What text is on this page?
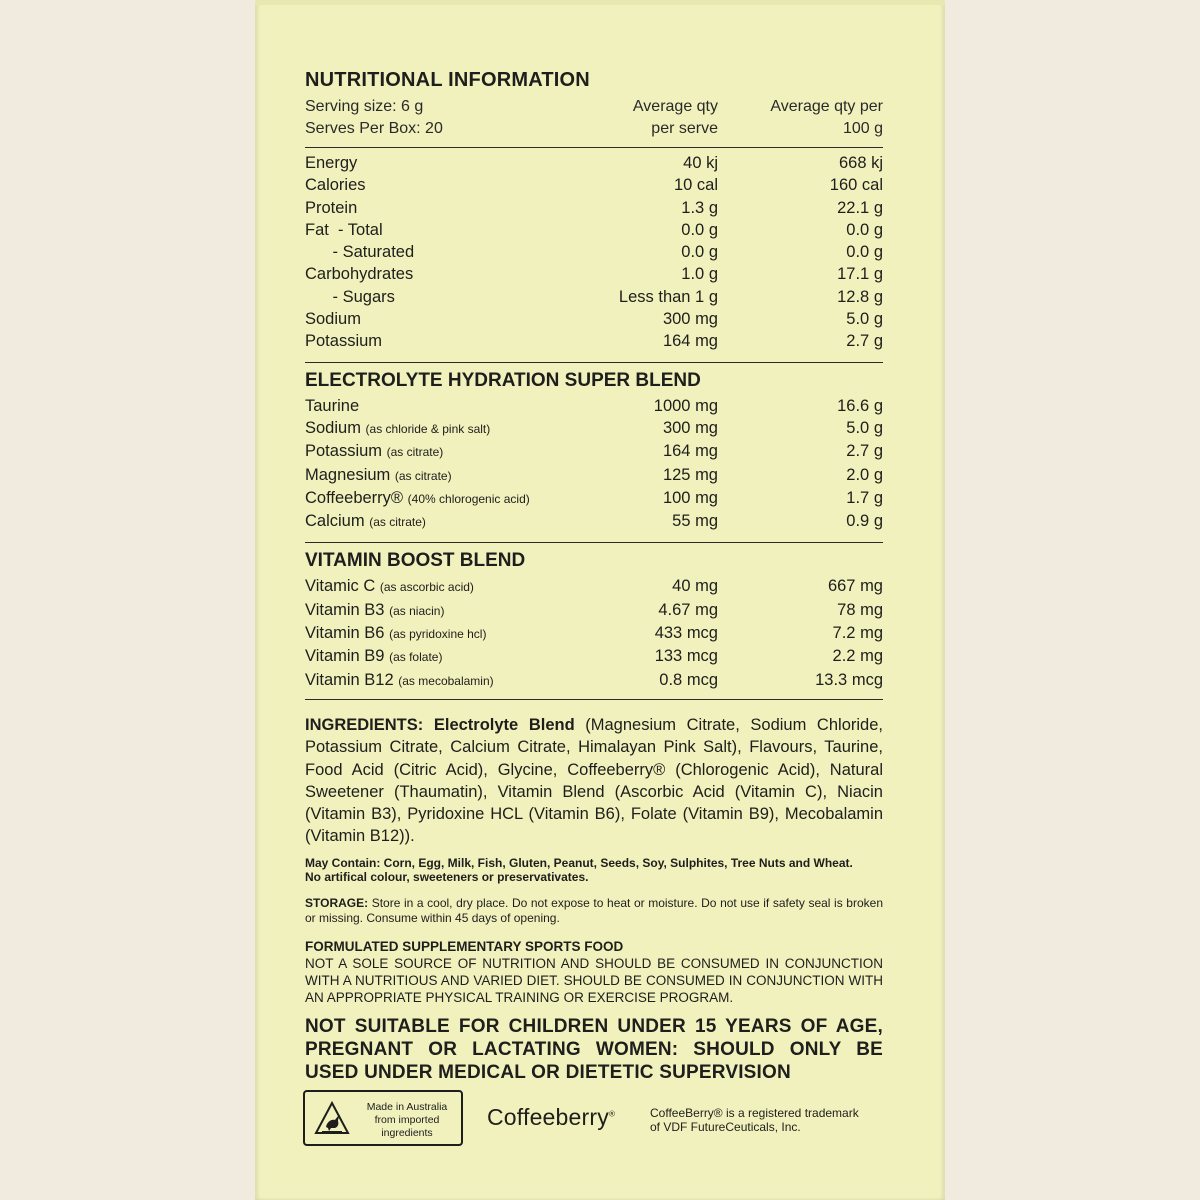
NUTRITIONAL INFORMATION
Serving size: 6 g	Average qty	Average qty per
Serves Per Box: 20	per serve	100 g
Energy	40 kj	668 kj
Calories	10 cal	160 cal
Protein	1.3 g	22.1 g
Fat  - Total	0.0 g	0.0 g
- Saturated	0.0 g	0.0 g
Carbohydrates	1.0 g	17.1 g
- Sugars	Less than 1 g	12.8 g
Sodium	300 mg	5.0 g
Potassium	164 mg	2.7 g
ELECTROLYTE HYDRATION SUPER BLEND
Taurine	1000 mg	16.6 g
Sodium (as chloride & pink salt)	300 mg	5.0 g
Potassium (as citrate)	164 mg	2.7 g
Magnesium (as citrate)	125 mg	2.0 g
Coffeeberry® (40% chlorogenic acid)	100 mg	1.7 g
Calcium (as citrate)	55 mg	0.9 g
VITAMIN BOOST BLEND
Vitamic C (as ascorbic acid)	40 mg	667 mg
Vitamin B3 (as niacin)	4.67 mg	78 mg
Vitamin B6 (as pyridoxine hcl)	433 mcg	7.2 mg
Vitamin B9 (as folate)	133 mcg	2.2 mg
Vitamin B12 (as mecobalamin)	0.8 mcg	13.3 mcg
INGREDIENTS: Electrolyte Blend (Magnesium Citrate, Sodium Chloride, Potassium Citrate, Calcium Citrate, Himalayan Pink Salt), Flavours, Taurine, Food Acid (Citric Acid), Glycine, Coffeeberry® (Chlorogenic Acid), Natural Sweetener (Thaumatin), Vitamin Blend (Ascorbic Acid (Vitamin C), Niacin (Vitamin B3), Pyridoxine HCL (Vitamin B6), Folate (Vitamin B9), Mecobalamin (Vitamin B12)).
May Contain: Corn, Egg, Milk, Fish, Gluten, Peanut, Seeds, Soy, Sulphites, Tree Nuts and Wheat.
No artifical colour, sweeteners or preservativates.
STORAGE: Store in a cool, dry place. Do not expose to heat or moisture. Do not use if safety seal is broken or missing. Consume within 45 days of opening.
FORMULATED SUPPLEMENTARY SPORTS FOOD
NOT A SOLE SOURCE OF NUTRITION AND SHOULD BE CONSUMED IN CONJUNCTION WITH A NUTRITIOUS AND VARIED DIET. SHOULD BE CONSUMED IN CONJUNCTION WITH AN APPROPRIATE PHYSICAL TRAINING OR EXERCISE PROGRAM.
NOT SUITABLE FOR CHILDREN UNDER 15 YEARS OF AGE, PREGNANT OR LACTATING WOMEN: SHOULD ONLY BE USED UNDER MEDICAL OR DIETETIC SUPERVISION
Made in Australia
from imported
ingredients
Coffeeberry®	CoffeeBerry® is a registered trademark
of VDF FutureCeuticals, Inc.
